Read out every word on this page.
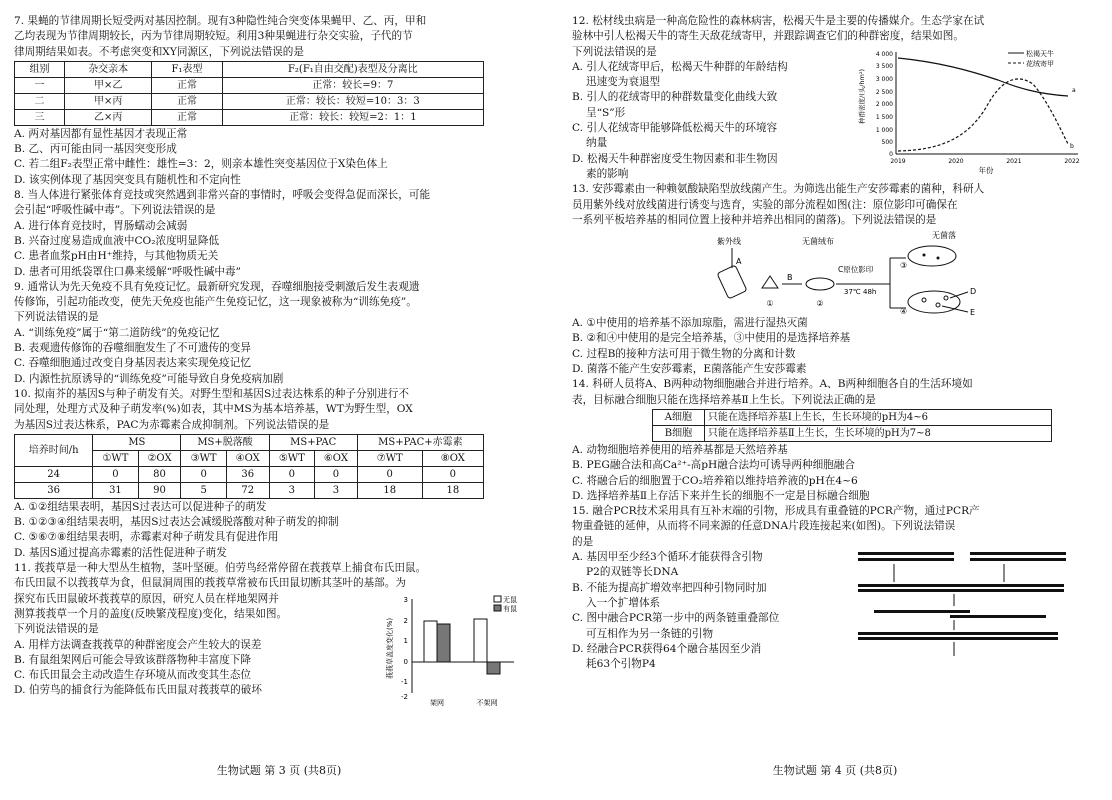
7. 果蝇的节律周期长短受两对基因控制。现有3种隐性纯合突变体果蝇甲、乙、丙，甲和
乙均表现为节律周期较长，丙为节律周期较短。利用3种果蝇进行杂交实验，子代的节
律周期结果如表。不考虑突变和XY同源区，下列说法错误的是
组别	杂交亲本	F₁表型	F₂(F₁自由交配)表型及分离比
一	甲×乙	正常	正常：较长=9：7
二	甲×丙	正常	正常：较长：较短=10：3：3
三	乙×丙	正常	正常：较长：较短=2：1：1
A. 两对基因都有显性基因才表现正常
B. 乙、丙可能由同一基因突变形成
C. 若二组F₂表型正常中雌性：雄性=3：2，则亲本雄性突变基因位于X染色体上
D. 该实例体现了基因突变具有随机性和不定向性
8. 当人体进行紧张体育竞技或突然遇到非常兴奋的事情时，呼吸会变得急促而深长，可能
会引起“呼吸性碱中毒”。下列说法错误的是
A. 进行体育竞技时，胃肠蠕动会减弱
B. 兴奋过度易造成血液中CO₂浓度明显降低
C. 患者血浆pH由H⁺维持，与其他物质无关
D. 患者可用纸袋罩住口鼻来缓解“呼吸性碱中毒”
9. 通常认为先天免疫不具有免疫记忆。最新研究发现，吞噬细胞接受刺激后发生表观遗
传修饰，引起功能改变，使先天免疫也能产生免疫记忆，这一现象被称为“训练免疫”。
下列说法错误的是
A. “训练免疫”属于“第二道防线”的免疫记忆
B. 表观遗传修饰的吞噬细胞发生了不可遗传的变异
C. 吞噬细胞通过改变自身基因表达来实现免疫记忆
D. 内源性抗原诱导的“训练免疫”可能导致自身免疫病加剧
10. 拟南芥的基因S与种子萌发有关。对野生型和基因S过表达株系的种子分别进行不
同处理，处理方式及种子萌发率(%)如表，其中MS为基本培养基，WT为野生型，OX
为基因S过表达株系，PAC为赤霉素合成抑制剂。下列说法错误的是
培养时间/h	MS		MS+脱落酸		MS+PAC		MS+PAC+赤霉素	
	①WT	②OX	③WT	④OX	⑤WT	⑥OX	⑦WT	⑧OX
24	0	80	0	36	0	0	0	0
36	31	90	5	72	3	3	18	18
A. ①②组结果表明，基因S过表达可以促进种子的萌发
B. ①②③④组结果表明，基因S过表达会减缓脱落酸对种子萌发的抑制
C. ⑤⑥⑦⑧组结果表明，赤霉素对种子萌发具有促进作用
D. 基因S通过提高赤霉素的活性促进种子萌发
11. 莪莪草是一种大型丛生植物，茎叶坚硬。伯劳鸟经常停留在莪莪草上捕食布氏田鼠。
布氏田鼠不以莪莪草为食，但鼠洞周围的莪莪草常被布氏田鼠切断其茎叶的基部。为
探究布氏田鼠破坏莪莪草的原因，研究人员在样地架网并
测算莪莪草一个月的盖度(反映繁茂程度)变化，结果如图。
下列说法错误的是
A. 用样方法调查莪莪草的种群密度会产生较大的误差
B. 有鼠组架网后可能会导致该群落物种丰富度下降
C. 布氏田鼠会主动改造生存环境从而改变其生态位
D. 伯劳鸟的捕食行为能降低布氏田鼠对莪莪草的破坏
3
2
1
0
-1
-2
莪莪草盖度变化(%)
架网	不架网
无鼠
有鼠
生物试题 第 3 页 (共8页)
12. 松材线虫病是一种高危险性的森林病害，松褐天牛是主要的传播媒介。生态学家在试
验林中引人松褐天牛的寄生天敌花绒寄甲，并跟踪调查它们的种群密度，结果如图。
下列说法错误的是
A. 引人花绒寄甲后，松褐天牛种群的年龄结构
迅速变为衰退型
B. 引人的花绒寄甲的种群数量变化曲线大致
呈“S”形
C. 引人花绒寄甲能够降低松褐天牛的环境容
纳量
D. 松褐天牛种群密度受生物因素和非生物因
素的影响
4 000
3 500
3 000
2 500
2 000
1 500
1 000
500
0
种群密度/(头/hm²)
2019	2020	2021	2022
年份
a
b
松褐天牛
花绒寄甲
13. 安莎霉素由一种赖氨酸缺陷型放线菌产生。为筛选出能生产安莎霉素的菌种，科研人
员用紫外线对放线菌进行诱变与选育，实验的部分流程如图(注：原位影印可确保在
一系列平板培养基的相同位置上接种并培养出相同的菌落)。下列说法错误的是
紫外线
A
①
B
无菌绒布
②
C原位影印
37℃ 48h
无菌落
③
④
D
E
A. ①中使用的培养基不添加琼脂，需进行湿热灭菌
B. ②和④中使用的是完全培养基，③中使用的是选择培养基
C. 过程B的接种方法可用于微生物的分离和计数
D. 菌落不能产生安莎霉素，E菌落能产生安莎霉素
14. 科研人员将A、B两种动物细胞融合并进行培养。A、B两种细胞各自的生活环境如
表，目标融合细胞只能在选择培养基Ⅱ上生长。下列说法正确的是
A细胞	只能在选择培养基Ⅰ上生长，生长环境的pH为4~6
B细胞	只能在选择培养基Ⅱ上生长，生长环境的pH为7~8
A. 动物细胞培养使用的培养基都是天然培养基
B. PEG融合法和高Ca²⁺-高pH融合法均可诱导两种细胞融合
C. 将融合后的细胞置于CO₂培养箱以维持培养液的pH在4~6
D. 选择培养基Ⅱ上存活下来并生长的细胞不一定是目标融合细胞
15. 融合PCR技术采用具有互补末端的引物，形成具有重叠链的PCR产物，通过PCR产
物重叠链的延伸，从而将不同来源的任意DNA片段连接起来(如图)。下列说法错误
的是
A. 基因甲至少经3个循环才能获得含引物
P2的双链等长DNA
B. 不能为提高扩增效率把四种引物同时加
入一个扩增体系
C. 图中融合PCR第一步中的两条链重叠部位
可互相作为另一条链的引物
D. 经融合PCR获得64个融合基因至少消
耗63个引物P4
生物试题 第 4 页 (共8页)
